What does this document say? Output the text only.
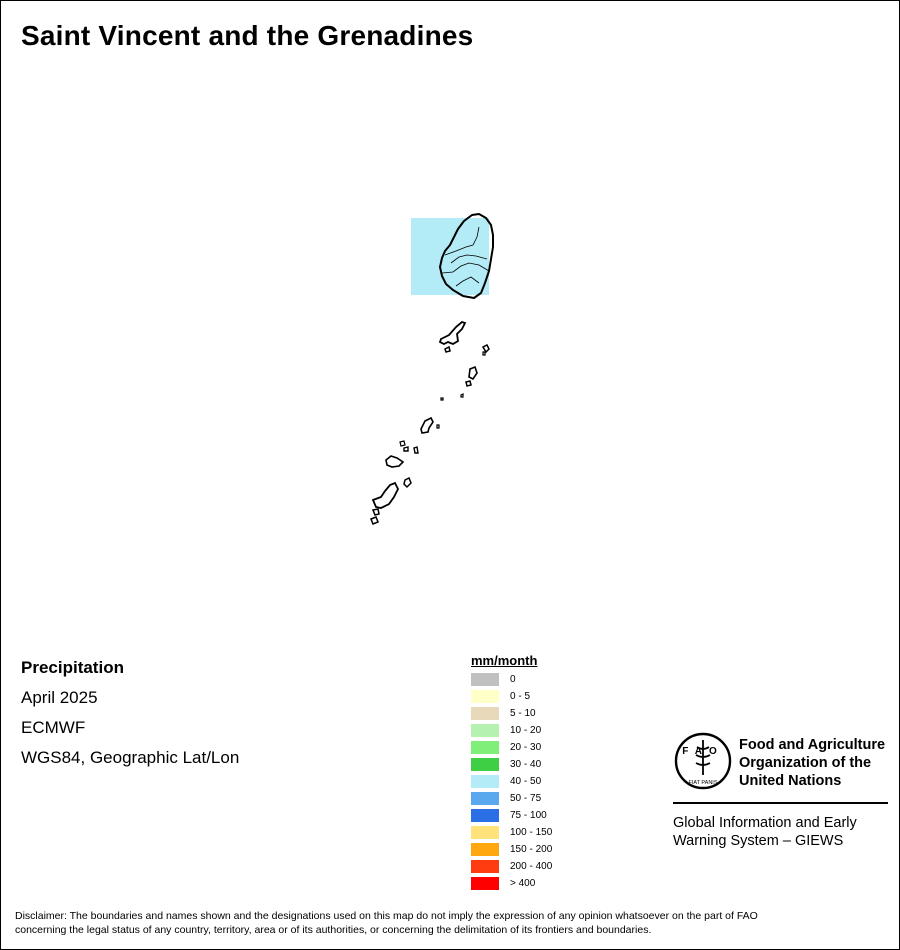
Saint Vincent and the Grenadines
Precipitation
April 2025
ECMWF
WGS84, Geographic Lat/Lon
mm/month
0
0 - 5
5 - 10
10 - 20
20 - 30
30 - 40
40 - 50
50 - 75
75 - 100
100 - 150
150 - 200
200 - 400
> 400
FAO
FIAT PANIS
Food and Agriculture
Organization of the
United Nations
Global Information and Early
Warning System – GIEWS
Disclaimer: The boundaries and names shown and the designations used on this map do not imply the expression of any opinion whatsoever on the part of FAO
concerning the legal status of any country, territory, area or of its authorities, or concerning the delimitation of its frontiers and boundaries.
